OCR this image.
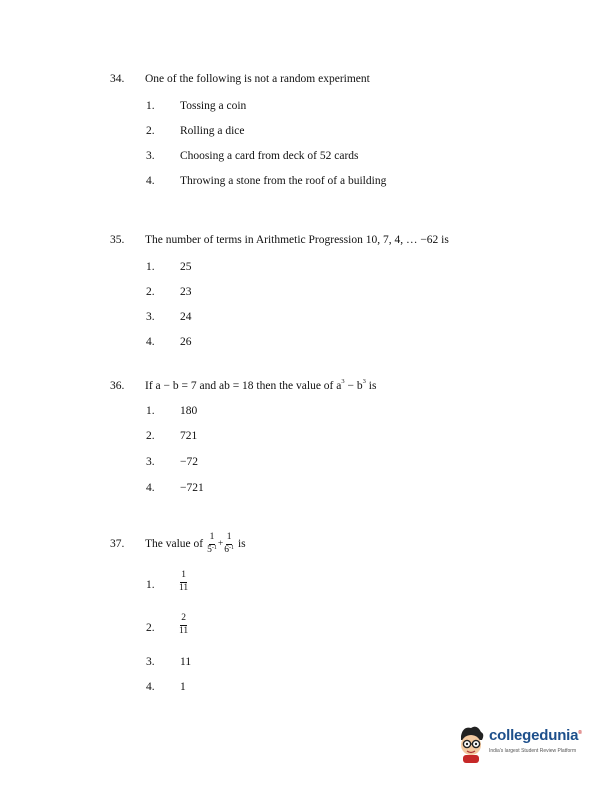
34. One of the following is not a random experiment
1. Tossing a coin
2. Rolling a dice
3. Choosing a card from deck of 52 cards
4. Throwing a stone from the roof of a building
35. The number of terms in Arithmetic Progression 10, 7, 4, … −62 is
1. 25
2. 23
3. 24
4. 26
36. If a − b = 7 and ab = 18 then the value of $a^3 - b^3$ is
1. 180
2. 721
3. −72
4. −721
37. The value of $\frac{1}{5^{-1}} + \frac{1}{6^{-1}}$ is
1.	$\frac{1}{11}$
2.	$\frac{2}{11}$
3. 11
4. 1
collegedunia®
India's largest Student Review Platform
